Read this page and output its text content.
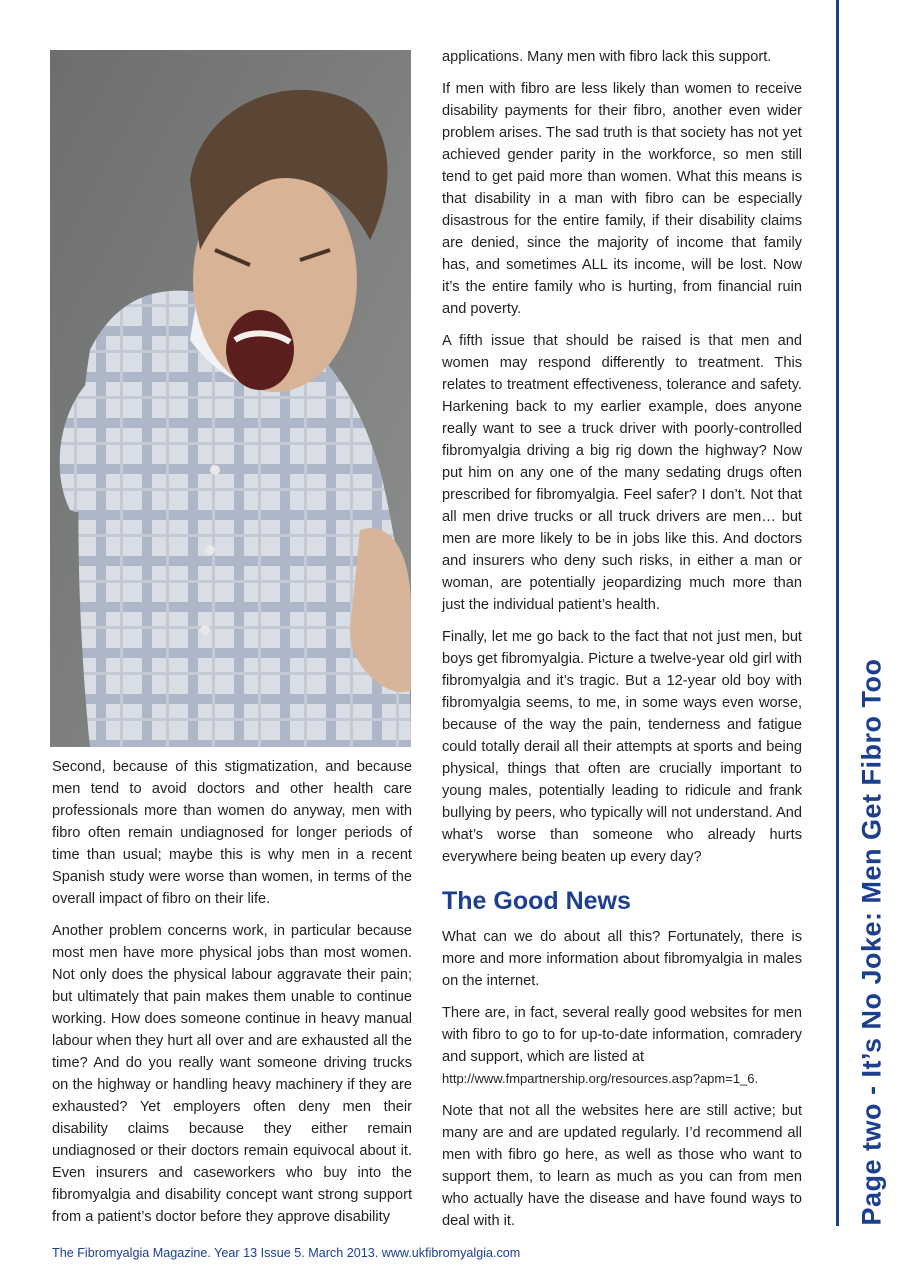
Second, because of this stigmatization, and because men tend to avoid doctors and other health care professionals more than women do anyway, men with fibro often remain undiagnosed for longer periods of time than usual; maybe this is why men in a recent Spanish study were worse than women, in terms of the overall impact of fibro on their life.

Another problem concerns work, in particular because most men have more physical jobs than most women. Not only does the physical labour aggravate their pain; but ultimately that pain makes them unable to continue working. How does someone continue in heavy manual labour when they hurt all over and are exhausted all the time? And do you really want someone driving trucks on the highway or handling heavy machinery if they are exhausted? Yet employers often deny men their disability claims because they either remain undiagnosed or their doctors remain equivocal about it. Even insurers and caseworkers who buy into the fibromyalgia and disability concept want strong support from a patient’s doctor before they approve disability

applications. Many men with fibro lack this support.

If men with fibro are less likely than women to receive disability payments for their fibro, another even wider problem arises. The sad truth is that society has not yet achieved gender parity in the workforce, so men still tend to get paid more than women. What this means is that disability in a man with fibro can be especially disastrous for the entire family, if their disability claims are denied, since the majority of income that family has, and sometimes ALL its income, will be lost. Now it’s the entire family who is hurting, from financial ruin and poverty.

A fifth issue that should be raised is that men and women may respond differently to treatment. This relates to treatment effectiveness, tolerance and safety. Harkening back to my earlier example, does anyone really want to see a truck driver with poorly-controlled fibromyalgia driving a big rig down the highway? Now put him on any one of the many sedating drugs often prescribed for fibromyalgia. Feel safer? I don’t. Not that all men drive trucks or all truck drivers are men… but men are more likely to be in jobs like this. And doctors and insurers who deny such risks, in either a man or woman, are potentially jeopardizing much more than just the individual patient’s health.

Finally, let me go back to the fact that not just men, but boys get fibromyalgia. Picture a twelve-year old girl with fibromyalgia and it’s tragic. But a 12-year old boy with fibromyalgia seems, to me, in some ways even worse, because of the way the pain, tenderness and fatigue could totally derail all their attempts at sports and being physical, things that often are crucially important to young males, potentially leading to ridicule and frank bullying by peers, who typically will not understand. And what’s worse than someone who already hurts everywhere being beaten up every day?

The Good News

What can we do about all this? Fortunately, there is more and more information about fibromyalgia in males on the internet.

There are, in fact, several really good websites for men with fibro to go to for up-to-date information, comradery and support, which are listed at
http://www.fmpartnership.org/resources.asp?apm=1_6.

Note that not all the websites here are still active; but many are and are updated regularly. I’d recommend all men with fibro go here, as well as those who want to support them, to learn as much as you can from men who actually have the disease and have found ways to deal with it.	Page two - It’s No Joke: Men Get Fibro Too
The Fibromyalgia Magazine. Year 13 Issue 5. March 2013. www.ukfibromyalgia.com
